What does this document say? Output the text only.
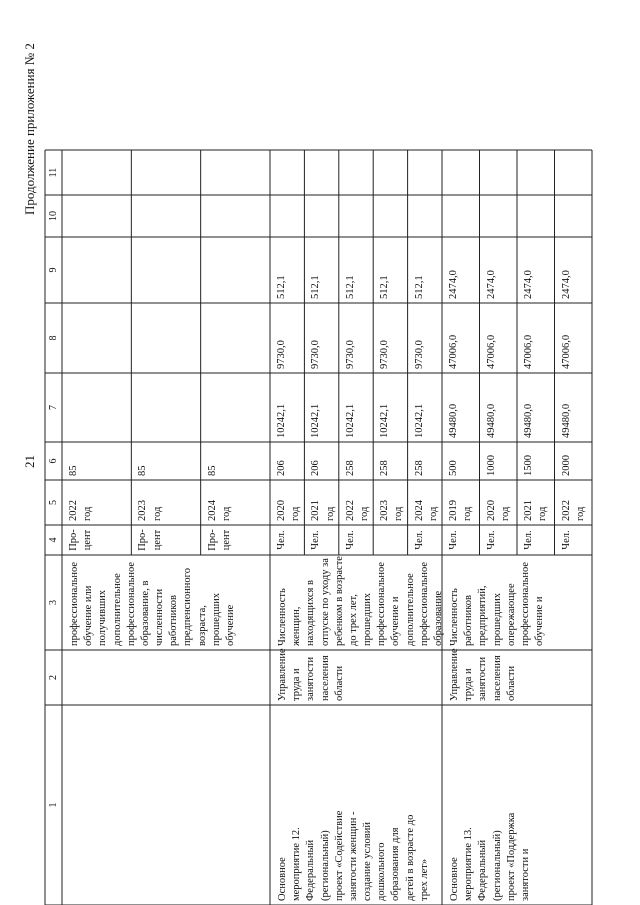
21
Продолжение приложения № 2
1
2
3
4
5
6
7
8
9
10
11
профессиональное обучение или получивших дополнительное профессиональное образование, в численности работников предпенсионного возраста, прошедших обучение
Про- цент
2022 год
85
Про- цент
2023 год
85
Про- цент
2024 год
85
Основное мероприятие 12. Федеральный (региональный) проект «Содействие занятости женщин - создание условий дошкольного образования для детей в возрасте до трех лет»
Управление труда и занятости населения области
Численность женщин, находящихся в отпуске по уходу за ребенком в возрасте до трех лет, прошедших профессиональное обучение и дополнительное профессиональное образование
Чел.
2020 год
206
10242,1
9730,0
512,1
Чел.
2021 год
206
10242,1
9730,0
512,1
Чел.
2022 год
258
10242,1
9730,0
512,1
2023 год
258
10242,1
9730,0
512,1
Чел.
2024 год
258
10242,1
9730,0
512,1
Основное мероприятие 13. Федеральный (региональный) проект «Поддержка занятости и
Управление труда и занятости населения области
Численность работников предприятий, прошедших опережающее профессиональное обучение и
Чел.
2019 год
500
49480,0
47006,0
2474,0
Чел.
2020 год
1000
49480,0
47006,0
2474,0
Чел.
2021 год
1500
49480,0
47006,0
2474,0
Чел.
2022 год
2000
49480,0
47006,0
2474,0
